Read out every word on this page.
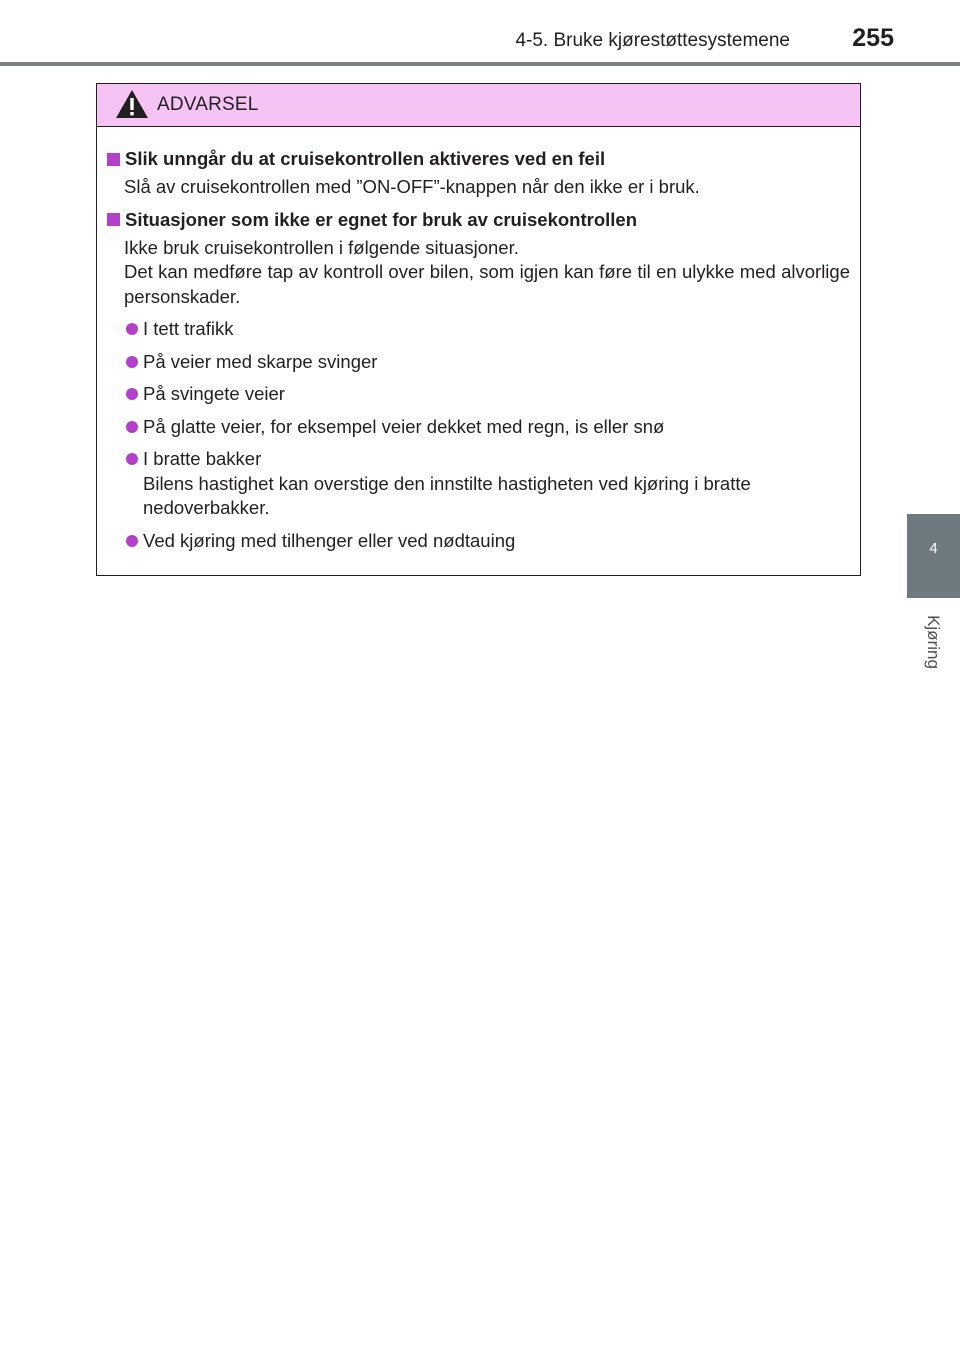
4-5. Bruke kjørestøttesystemene 255
4
Kjøring
ADVARSEL
Slik unngår du at cruisekontrollen aktiveres ved en feil
Slå av cruisekontrollen med ”ON-OFF”-knappen når den ikke er i bruk.
Situasjoner som ikke er egnet for bruk av cruisekontrollen
Ikke bruk cruisekontrollen i følgende situasjoner.
Det kan medføre tap av kontroll over bilen, som igjen kan føre til en ulykke med alvorlige personskader.
I tett trafikk
På veier med skarpe svinger
På svingete veier
På glatte veier, for eksempel veier dekket med regn, is eller snø
I bratte bakker
Bilens hastighet kan overstige den innstilte hastigheten ved kjøring i bratte nedoverbakker.
Ved kjøring med tilhenger eller ved nødtauing
